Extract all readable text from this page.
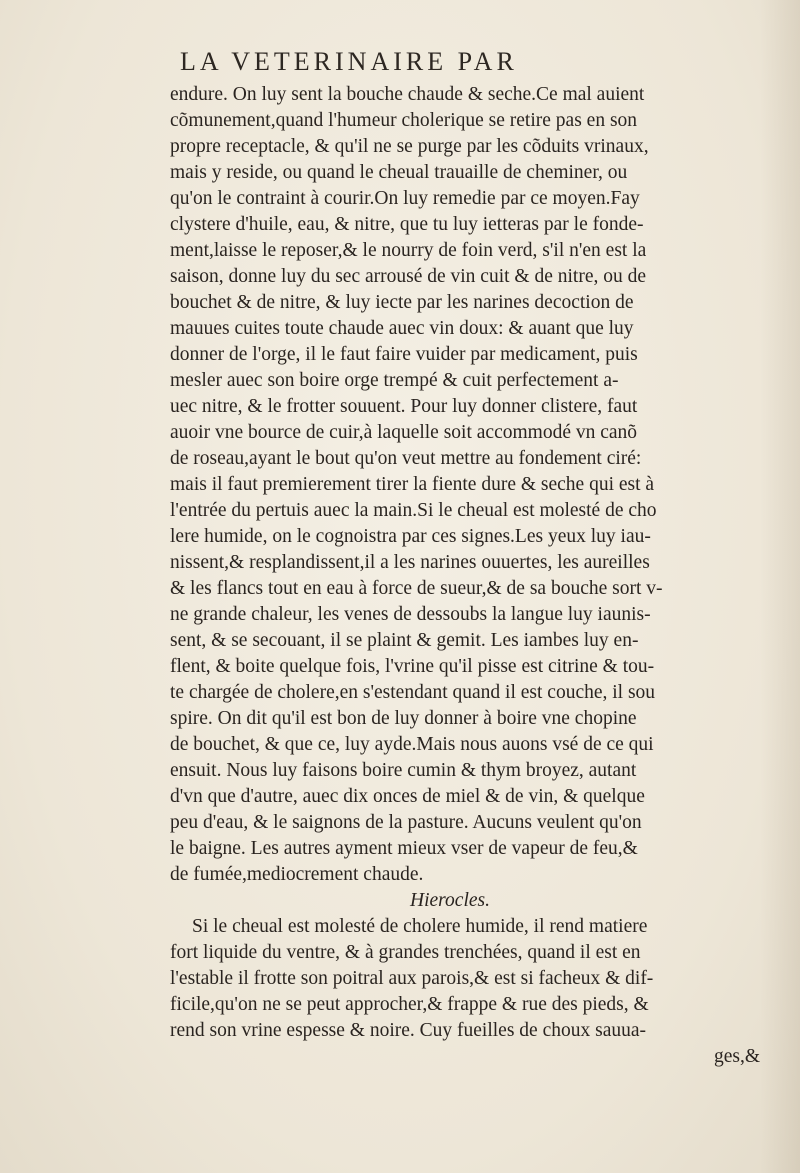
LA VETERINAIRE PAR
endure. On luy sent la bouche chaude & seche.Ce mal auient
cõmunement,quand l'humeur cholerique se retire pas en son
propre receptacle, & qu'il ne se purge par les cõduits vrinaux,
mais y reside, ou quand le cheual trauaille de cheminer, ou
qu'on le contraint à courir.On luy remedie par ce moyen.Fay
clystere d'huile, eau, & nitre, que tu luy ietteras par le fonde-
ment,laisse le reposer,& le nourry de foin verd, s'il n'en est la
saison, donne luy du sec arrousé de vin cuit & de nitre, ou de
bouchet & de nitre, & luy iecte par les narines decoction de
mauues cuites toute chaude auec vin doux: & auant que luy
donner de l'orge, il le faut faire vuider par medicament, puis
mesler auec son boire orge trempé & cuit perfectement a-
uec nitre, & le frotter souuent. Pour luy donner clistere, faut
auoir vne bource de cuir,à laquelle soit accommodé vn canõ
de roseau,ayant le bout qu'on veut mettre au fondement ciré:
mais il faut premierement tirer la fiente dure & seche qui est à
l'entrée du pertuis auec la main.Si le cheual est molesté de cho
lere humide, on le cognoistra par ces signes.Les yeux luy iau-
nissent,& resplandissent,il a les narines ouuertes, les aureilles
& les flancs tout en eau à force de sueur,& de sa bouche sort v-
ne grande chaleur, les venes de dessoubs la langue luy iaunis-
sent, & se secouant, il se plaint & gemit. Les iambes luy en-
flent, & boite quelque fois, l'vrine qu'il pisse est citrine & tou-
te chargée de cholere,en s'estendant quand il est couche, il sou
spire. On dit qu'il est bon de luy donner à boire vne chopine
de bouchet, & que ce, luy ayde.Mais nous auons vsé de ce qui
ensuit. Nous luy faisons boire cumin & thym broyez, autant
d'vn que d'autre, auec dix onces de miel & de vin, & quelque
peu d'eau, & le saignons de la pasture. Aucuns veulent qu'on
le baigne. Les autres ayment mieux vser de vapeur de feu,&
de fumée,mediocrement chaude.
Hierocles.
Si le cheual est molesté de cholere humide, il rend matiere
fort liquide du ventre, & à grandes trenchées, quand il est en
l'estable il frotte son poitral aux parois,& est si facheux & dif-
ficile,qu'on ne se peut approcher,& frappe & rue des pieds, &
rend son vrine espesse & noire. Cuy fueilles de choux sauua-
ges,&
